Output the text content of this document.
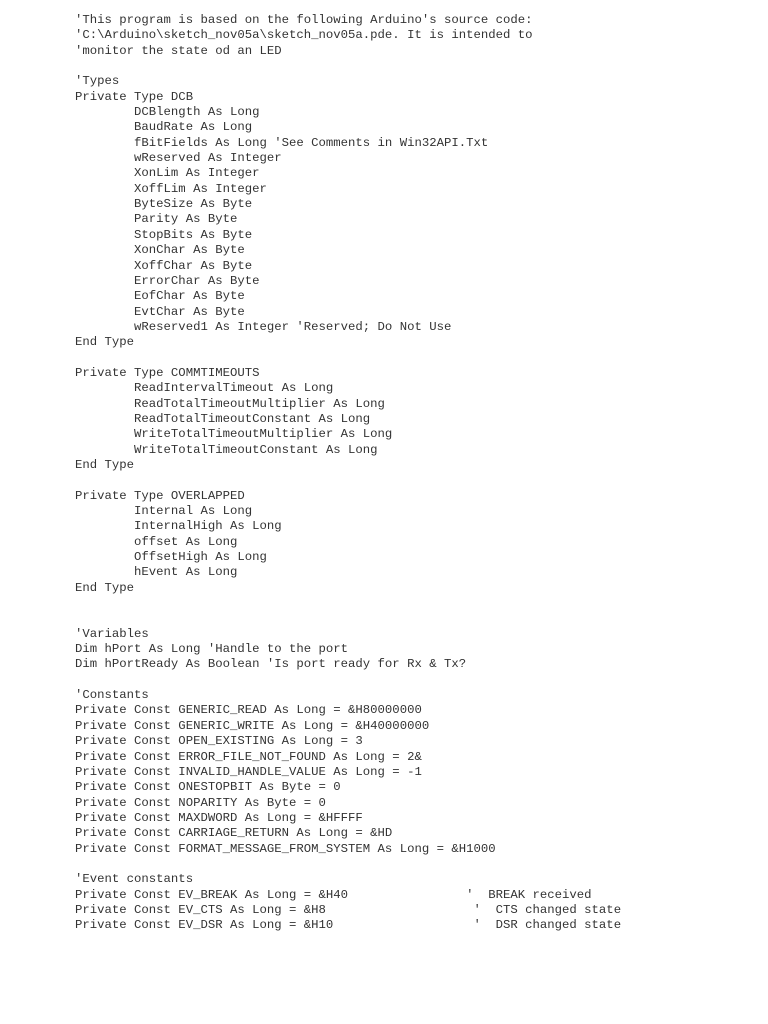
'This program is based on the following Arduino's source code:
'C:\Arduino\sketch_nov05a\sketch_nov05a.pde. It is intended to
'monitor the state od an LED
'Types
Private Type DCB
DCBlength As Long
BaudRate As Long
fBitFields As Long 'See Comments in Win32API.Txt
wReserved As Integer
XonLim As Integer
XoffLim As Integer
ByteSize As Byte
Parity As Byte
StopBits As Byte
XonChar As Byte
XoffChar As Byte
ErrorChar As Byte
EofChar As Byte
EvtChar As Byte
wReserved1 As Integer 'Reserved; Do Not Use
End Type
Private Type COMMTIMEOUTS
ReadIntervalTimeout As Long
ReadTotalTimeoutMultiplier As Long
ReadTotalTimeoutConstant As Long
WriteTotalTimeoutMultiplier As Long
WriteTotalTimeoutConstant As Long
End Type
Private Type OVERLAPPED
Internal As Long
InternalHigh As Long
offset As Long
OffsetHigh As Long
hEvent As Long
End Type
'Variables
Dim hPort As Long 'Handle to the port
Dim hPortReady As Boolean 'Is port ready for Rx & Tx?
'Constants
Private Const GENERIC_READ As Long = &H80000000
Private Const GENERIC_WRITE As Long = &H40000000
Private Const OPEN_EXISTING As Long = 3
Private Const ERROR_FILE_NOT_FOUND As Long = 2&
Private Const INVALID_HANDLE_VALUE As Long = -1
Private Const ONESTOPBIT As Byte = 0
Private Const NOPARITY As Byte = 0
Private Const MAXDWORD As Long = &HFFFF
Private Const CARRIAGE_RETURN As Long = &HD
Private Const FORMAT_MESSAGE_FROM_SYSTEM As Long = &H1000
'Event constants
Private Const EV_BREAK As Long = &H40                '  BREAK received
Private Const EV_CTS As Long = &H8                    '  CTS changed state
Private Const EV_DSR As Long = &H10                   '  DSR changed state
